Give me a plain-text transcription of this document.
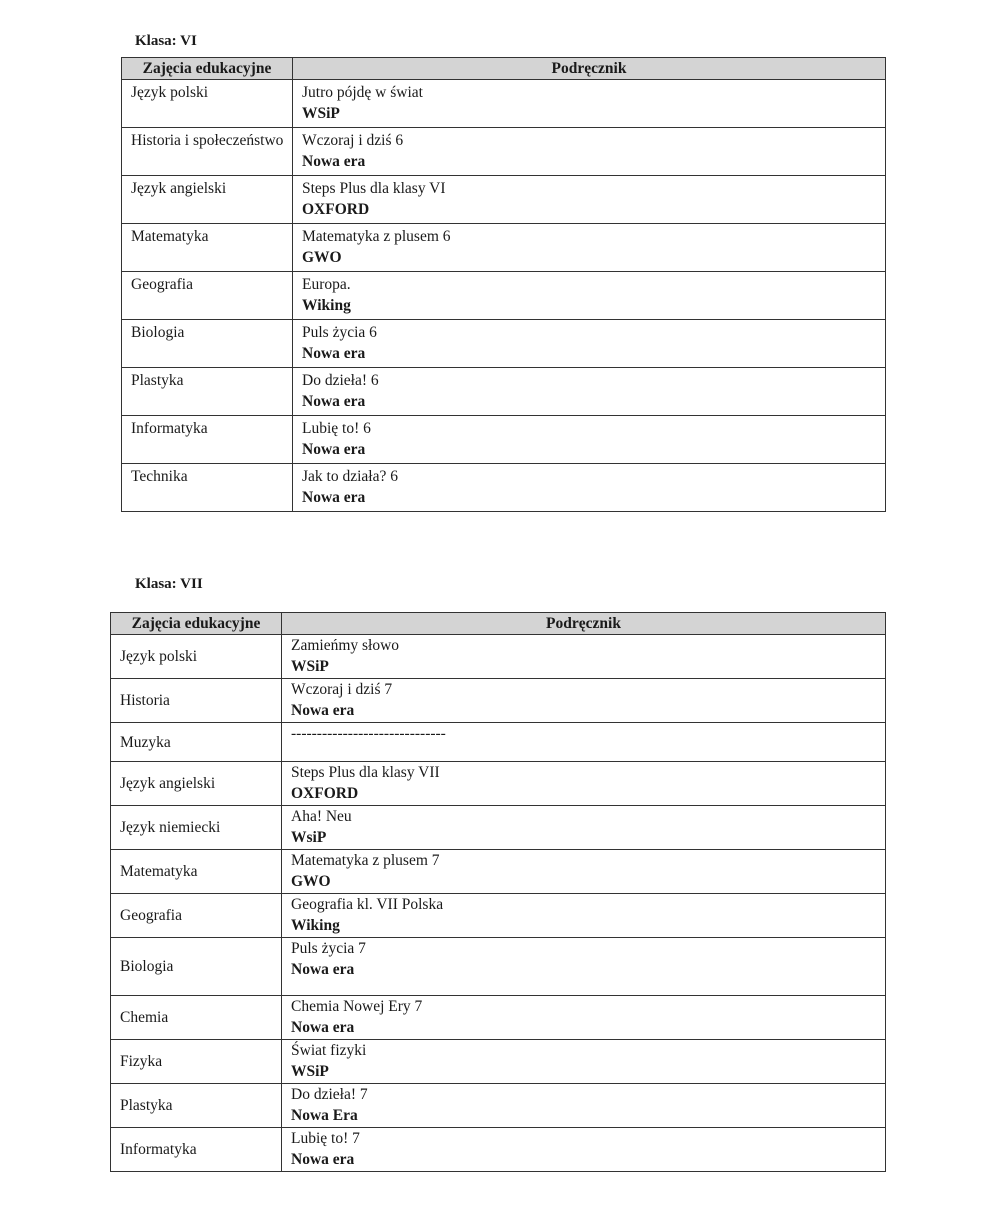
Klasa: VI

Zajęcia edukacyjne	Podręcznik
Język polski	Jutro pójdę w świat
WSiP

Historia i społeczeństwo	Wczoraj i dziś 6
Nowa era

Język angielski	Steps Plus dla klasy VI
OXFORD

Matematyka	Matematyka z plusem 6
GWO

Geografia	Europa.
Wiking

Biologia	Puls życia 6
Nowa era

Plastyka	Do dzieła! 6
Nowa era

Informatyka	Lubię to! 6
Nowa era

Technika	Jak to działa? 6
Nowa era

Klasa: VII

Zajęcia edukacyjne	Podręcznik
Język polski	Zamieńmy słowo
WSiP

Historia	Wczoraj i dziś 7
Nowa era

Muzyka	------------------------------

Język angielski	Steps Plus dla klasy VII
OXFORD

Język niemiecki	Aha! Neu
WsiP

Matematyka	Matematyka z plusem 7
GWO

Geografia	Geografia kl. VII Polska
Wiking

Biologia	Puls życia 7
Nowa era

Chemia	Chemia Nowej Ery 7
Nowa era

Fizyka	Świat fizyki
WSiP

Plastyka	Do dzieła! 7
Nowa Era

Informatyka	Lubię to! 7
Nowa era
